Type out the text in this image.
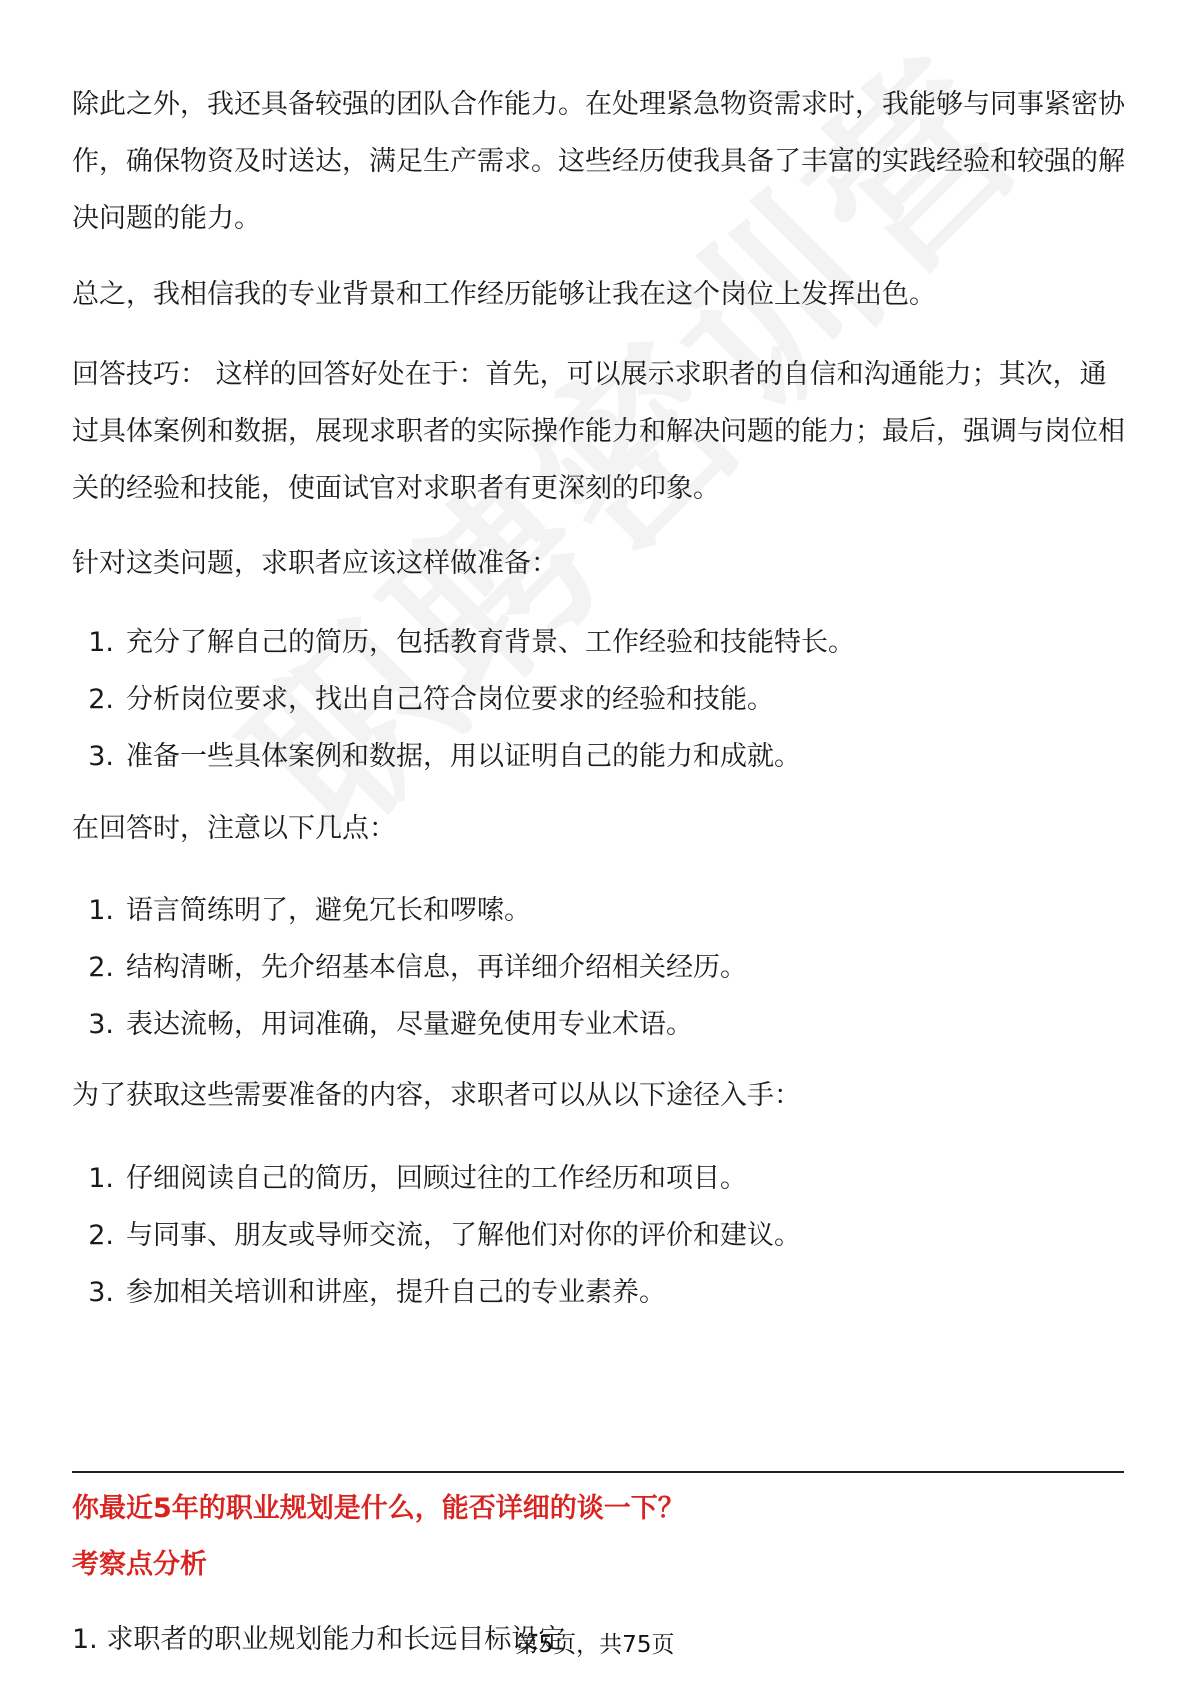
除此之外，我还具备较强的团队合作能力。在处理紧急物资需求时，我能够与同事紧密协作，确保物资及时送达，满足生产需求。这些经历使我具备了丰富的实践经验和较强的解决问题的能力。

总之，我相信我的专业背景和工作经历能够让我在这个岗位上发挥出色。

回答技巧： 这样的回答好处在于：首先，可以展示求职者的自信和沟通能力；其次，通过具体案例和数据，展现求职者的实际操作能力和解决问题的能力；最后，强调与岗位相关的经验和技能，使面试官对求职者有更深刻的印象。

针对这类问题，求职者应该这样做准备：

1. 充分了解自己的简历，包括教育背景、工作经验和技能特长。
2. 分析岗位要求，找出自己符合岗位要求的经验和技能。
3. 准备一些具体案例和数据，用以证明自己的能力和成就。

在回答时，注意以下几点：

1. 语言简练明了，避免冗长和啰嗦。
2. 结构清晰，先介绍基本信息，再详细介绍相关经历。
3. 表达流畅，用词准确，尽量避免使用专业术语。

为了获取这些需要准备的内容，求职者可以从以下途径入手：

1. 仔细阅读自己的简历，回顾过往的工作经历和项目。
2. 与同事、朋友或导师交流，了解他们对你的评价和建议。
3. 参加相关培训和讲座，提升自己的专业素养。
你最近5年的职业规划是什么，能否详细的谈一下？
考察点分析
1. 求职者的职业规划能力和长远目标设定
第5页，共75页
